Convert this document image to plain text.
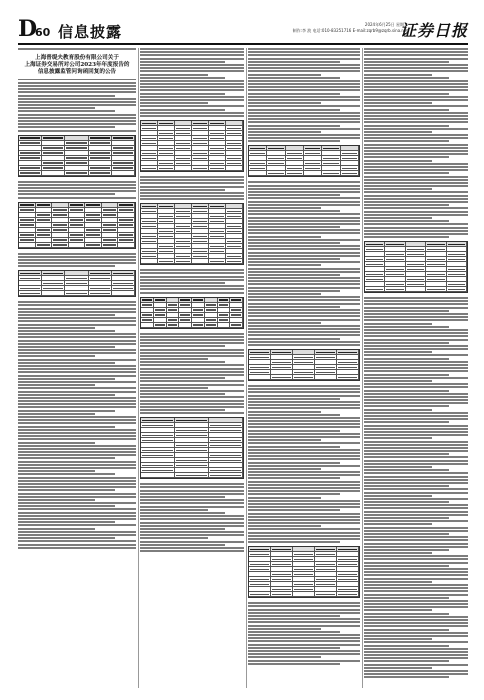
D
60 信息披露	2024年6月25日 星期二
制作:李 波 电话:010-83251716 E-mail:zqrb9@zqrb.sina.net
证券日报
上海普缇夫教育股份有限公司关于
上海证券交易所对公司2023年年度报告的
信息披露监管问询函回复的公告
